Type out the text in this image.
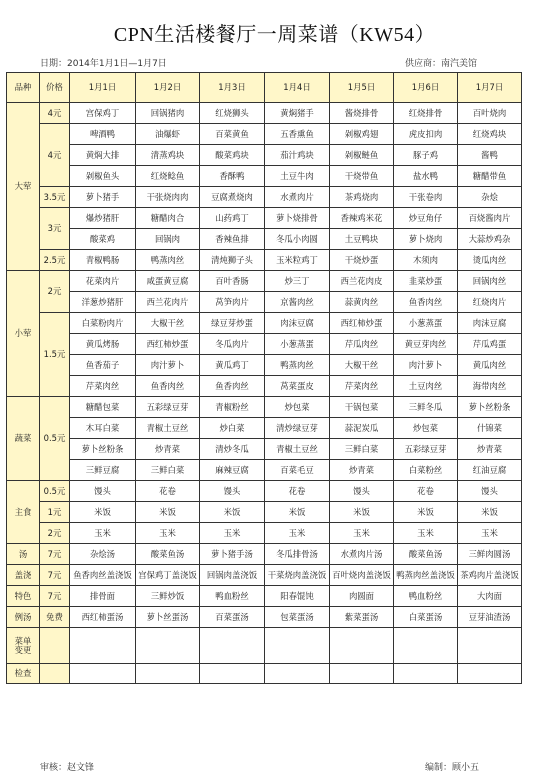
CPN生活楼餐厅一周菜谱（KW54）
日期：2014年1月1日—1月7日	供应商：南汽美馆
品种	价格	1月1日	1月2日	1月3日	1月4日	1月5日	1月6日	1月7日
大荤	4元	宫保鸡丁	回锅猪肉	红烧狮头	黄焖猪手	酱烧排骨	红烧排骨	百叶烧肉
	4元	啤酒鸭	油爆虾	百菜黄鱼	五香熏鱼	剁椒鸡翅	虎皮扣肉	红烧鸡块
		黄焖大排	清蒸鸡块	酸菜鸡块	茄汁鸡块	剁椒鲢鱼	豚子鸡	酱鸭
		剁椒鱼头	红烧鲶鱼	香酥鸭	土豆牛肉	干烧带鱼	盐水鸭	糖醋带鱼
	3.5元	萝卜猪手	干张烧肉肉	豆腐煮烧肉	水煮肉片	茶鸡烧肉	干张卷肉	杂烩
	3元	爆炒猪肝	糖醋肉合	山药鸡丁	萝卜烧排骨	香辣鸡米花	炒豆角仔	百烧酱肉片
		酸菜鸡	回锅肉	香辣鱼排	冬瓜小肉圆	土豆鸭块	萝卜烧肉	大蒜炒鸡杂
	2.5元	青椒鸭肠	鸭蒸肉丝	清炖狮子头	玉米粒鸡丁	干烧炒蛋	木须肉	烫瓜肉丝
小荤	2元	花菜肉片	咸蛋黄豆腐	百叶香肠	炒三丁	西兰花肉皮	韭菜炒蛋	回锅肉丝
		洋葱炒猪肝	西兰花肉片	莴笋肉片	京酱肉丝	蒜黄肉丝	鱼香肉丝	红烧肉片
	1.5元	白菜粉肉片	大椒干丝	绿豆芽炒蛋	肉沫豆腐	西红柿炒蛋	小葱蒸蛋	肉沫豆腐
		黄瓜烤肠	西红柿炒蛋	冬瓜肉片	小葱蒸蛋	芹瓜肉丝	黄豆芽肉丝	芹瓜鸡蛋
		鱼香茄子	肉汁萝卜	黄瓜鸡丁	鸭蒸肉丝	大椒干丝	肉汁萝卜	黄瓜肉丝
		芹菜肉丝	鱼香肉丝	鱼香肉丝	莴菜蛋皮	芹菜肉丝	土豆肉丝	海带肉丝
蔬菜	0.5元	糖醋包菜	五彩绿豆芽	青椒粉丝	炒包菜	干锅包菜	三鲜冬瓜	萝卜丝粉条
		木耳白菜	青椒土豆丝	炒白菜	清炒绿豆芽	蒜泥炭瓜	炒包菜	什锦菜
		萝卜丝粉条	炒青菜	清炒冬瓜	青椒土豆丝	三鲜白菜	五彩绿豆芽	炒青菜
		三鲜豆腐	三鲜白菜	麻辣豆腐	百菜毛豆	炒青菜	白菜粉丝	红油豆腐
主食	0.5元	馒头	花卷	馒头	花卷	馒头	花卷	馒头
	1元	米饭	米饭	米饭	米饭	米饭	米饭	米饭
	2元	玉米	玉米	玉米	玉米	玉米	玉米	玉米
汤	7元	杂烩汤	酸菜鱼汤	萝卜猪手汤	冬瓜排骨汤	水煮肉片汤	酸菜鱼汤	三鲜肉圆汤
盖浇	7元	鱼香肉丝盖浇饭	宫保鸡丁盖浇饭	回锅肉盖浇饭	干菜烧肉盖浇饭	百叶烧肉盖浇饭	鸭蒸肉丝盖浇饭	茶鸡肉片盖浇饭
特色	7元	排骨面	三鲜炒饭	鸭血粉丝	阳春馄饨	肉圆面	鸭血粉丝	大肉面
例汤	免费	西红柿蛋汤	萝卜丝蛋汤	百菜蛋汤	包菜蛋汤	紫菜蛋汤	白菜蛋汤	豆芽油渣汤
菜单变更								
检查								
审核：赵文锋	编制：顾小五
